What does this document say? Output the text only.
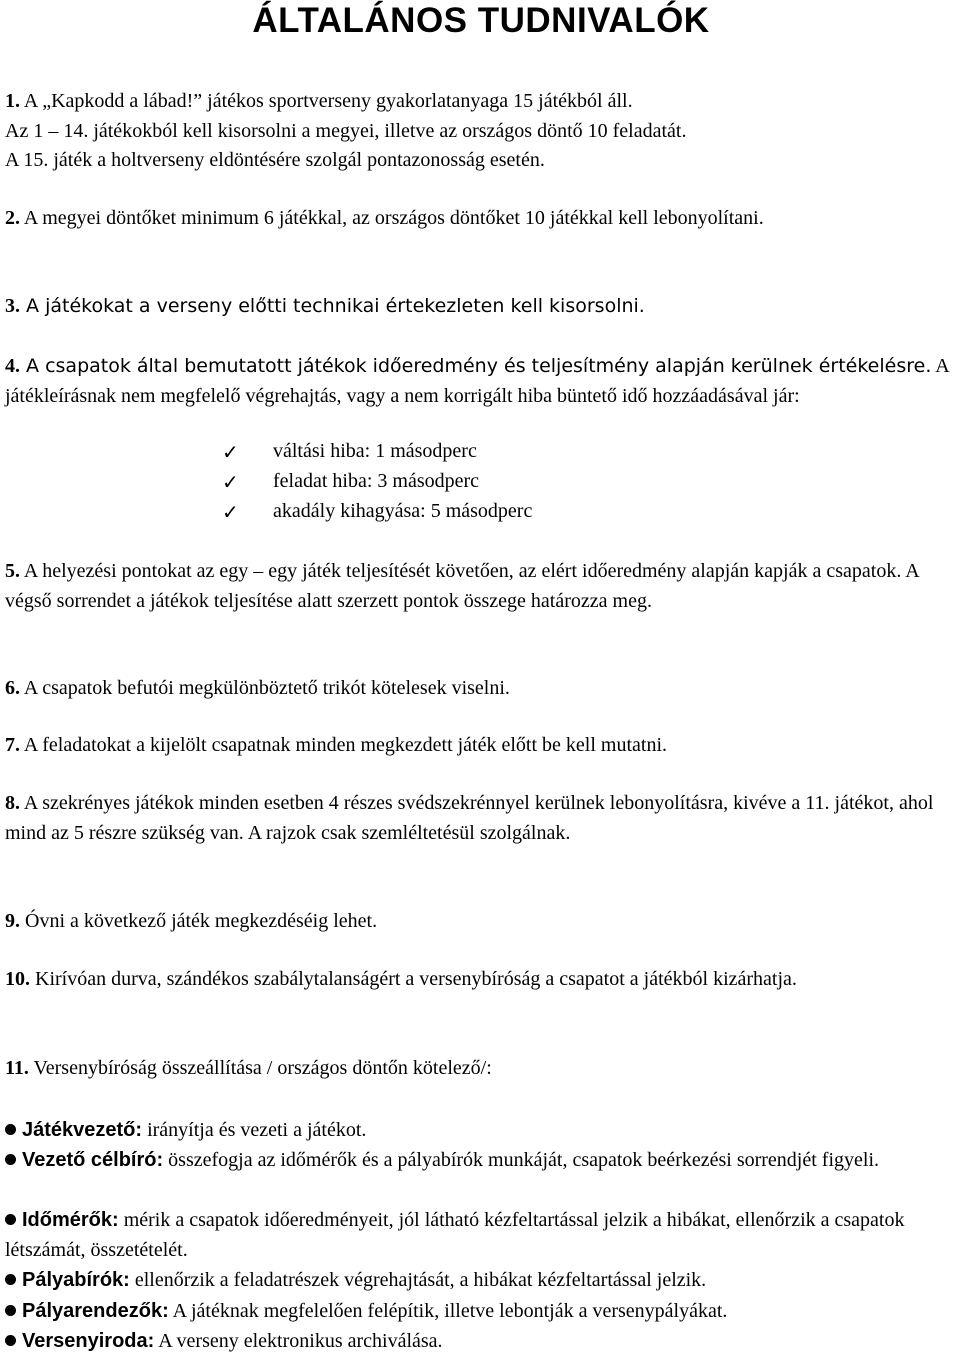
ÁLTALÁNOS TUDNIVALÓK
1. A „Kapkodd a lábad!” játékos sportverseny gyakorlatanyaga 15 játékból áll.
Az 1 – 14. játékokból kell kisorsolni a megyei, illetve az országos döntő 10 feladatát.
A 15. játék a holtverseny eldöntésére szolgál pontazonosság esetén.
2. A megyei döntőket minimum 6 játékkal, az országos döntőket 10 játékkal kell lebonyolítani.
3. A játékokat a verseny előtti technikai értekezleten kell kisorsolni.
4. A csapatok által bemutatott játékok időeredmény és teljesítmény alapján kerülnek értékelésre. A játékleírásnak nem megfelelő végrehajtás, vagy a nem korrigált hiba büntető idő hozzáadásával jár:
✓ váltási hiba: 1 másodperc
✓ feladat hiba: 3 másodperc
✓ akadály kihagyása: 5 másodperc
5. A helyezési pontokat az egy – egy játék teljesítését követően, az elért időeredmény alapján kapják a csapatok. A végső sorrendet a játékok teljesítése alatt szerzett pontok összege határozza meg.
6. A csapatok befutói megkülönböztető trikót kötelesek viselni.
7. A feladatokat a kijelölt csapatnak minden megkezdett játék előtt be kell mutatni.
8. A szekrényes játékok minden esetben 4 részes svédszekrénnyel kerülnek lebonyolításra, kivéve a 11. játékot, ahol mind az 5 részre szükség van. A rajzok csak szemléltetésül szolgálnak.
9. Óvni a következő játék megkezdéséig lehet.
10. Kirívóan durva, szándékos szabálytalanságért a versenybíróság a csapatot a játékból kizárhatja.
11. Versenybíróság összeállítása / országos döntőn kötelező/:
Játékvezető: irányítja és vezeti a játékot.
Vezető célbíró: összefogja az időmérők és a pályabírók munkáját, csapatok beérkezési sorrendjét figyeli.
Időmérők: mérik a csapatok időeredményeit, jól látható kézfeltartással jelzik a hibákat, ellenőrzik a csapatok létszámát, összetételét.
Pályabírók: ellenőrzik a feladatrészek végrehajtását, a hibákat kézfeltartással jelzik.
Pályarendezők: A játéknak megfelelően felépítik, illetve lebontják a versenypályákat.
Versenyiroda: A verseny elektronikus archiválása.
